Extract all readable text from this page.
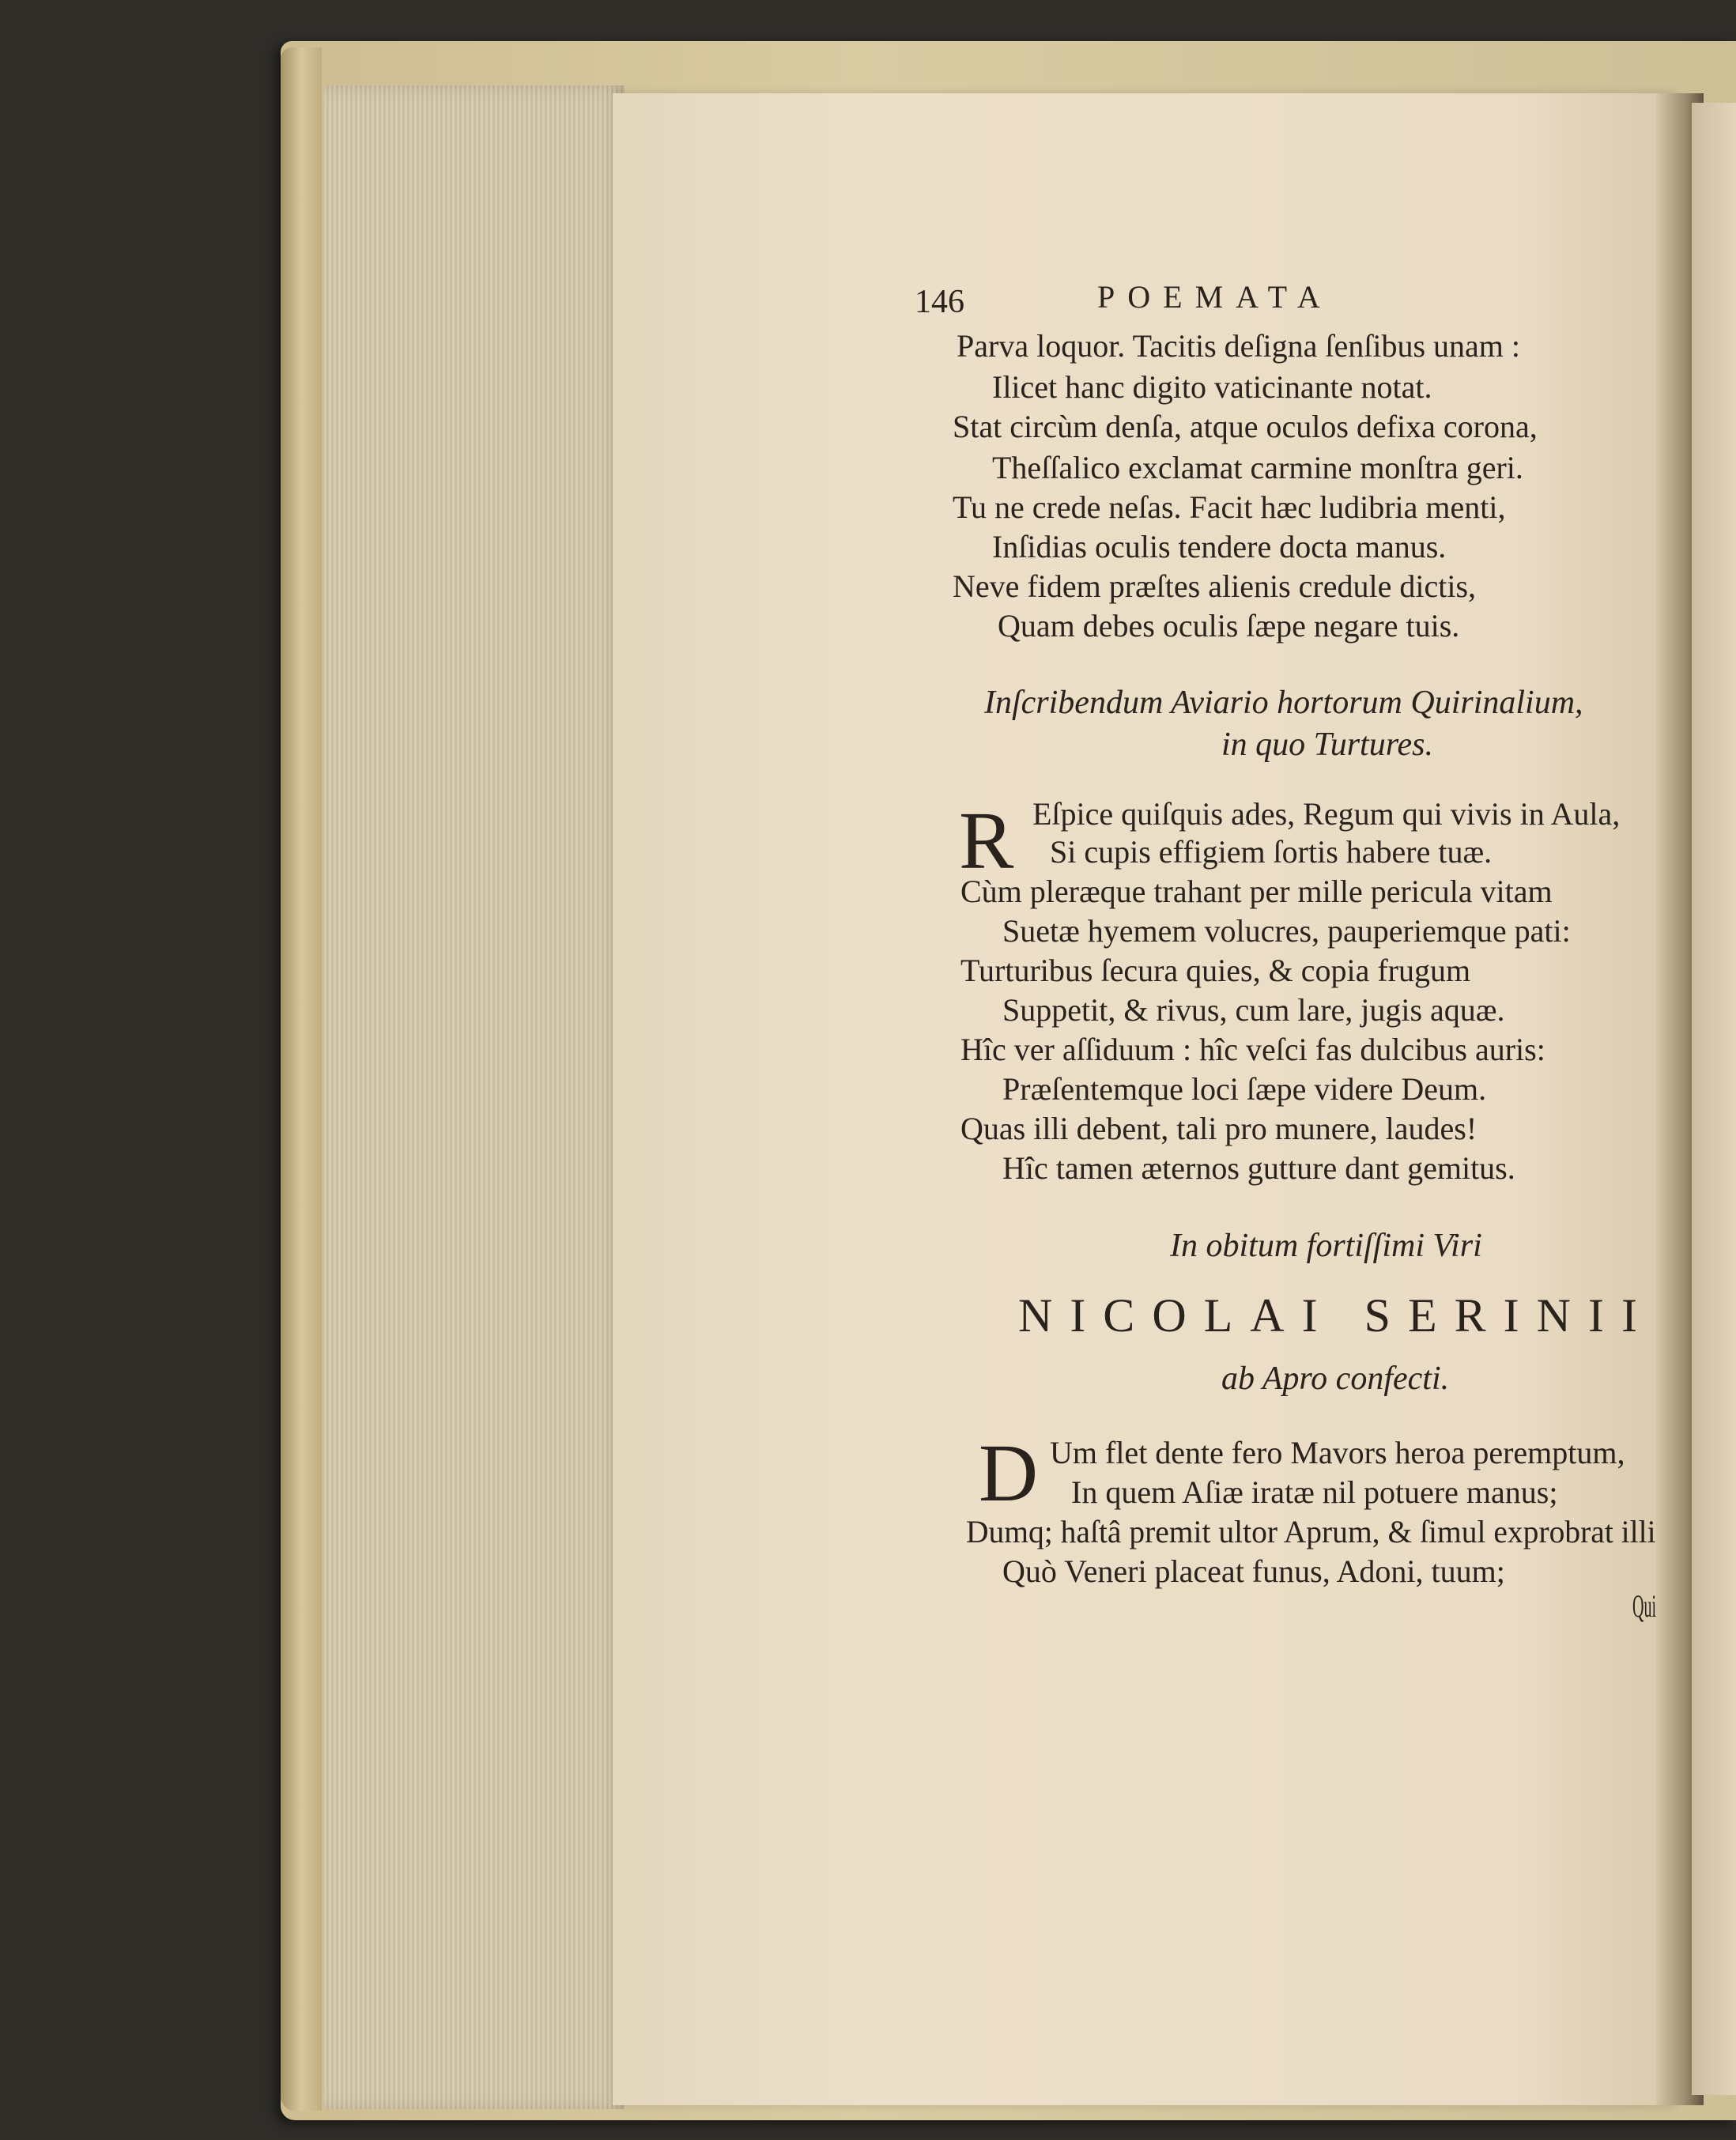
146	POEMATA
Parva loquor. Tacitis deſigna ſenſibus unam :
Ilicet hanc digito vaticinante notat.
Stat circùm denſa, atque oculos defixa corona,
Theſſalico exclamat carmine monſtra geri.
Tu ne crede neſas. Facit hæc ludibria menti,
Inſidias oculis tendere docta manus.
Neve fidem præſtes alienis credule dictis,
Quam debes oculis ſæpe negare tuis.
Inſcribendum Aviario hortorum Quirinalium,
in quo Turtures.
R Eſpice quiſquis ades, Regum qui vivis in Aula,
Si cupis effigiem ſortis habere tuæ.
Cùm pleræque trahant per mille pericula vitam
Suetæ hyemem volucres, pauperiemque pati:
Turturibus ſecura quies, & copia frugum
Suppetit, & rivus, cum lare, jugis aquæ.
Hîc ver aſſiduum : hîc veſci fas dulcibus auris:
Præſentemque loci ſæpe videre Deum.
Quas illi debent, tali pro munere, laudes!
Hîc tamen æternos gutture dant gemitus.
In obitum fortiſſimi Viri
NICOLAI SERINII
ab Apro confecti.
D Um flet dente fero Mavors heroa peremptum,
In quem Aſiæ iratæ nil potuere manus;
Dumq; haſtâ premit ultor Aprum, & ſimul exprobrat illi
Quò Veneri placeat funus, Adoni, tuum;
Qui
